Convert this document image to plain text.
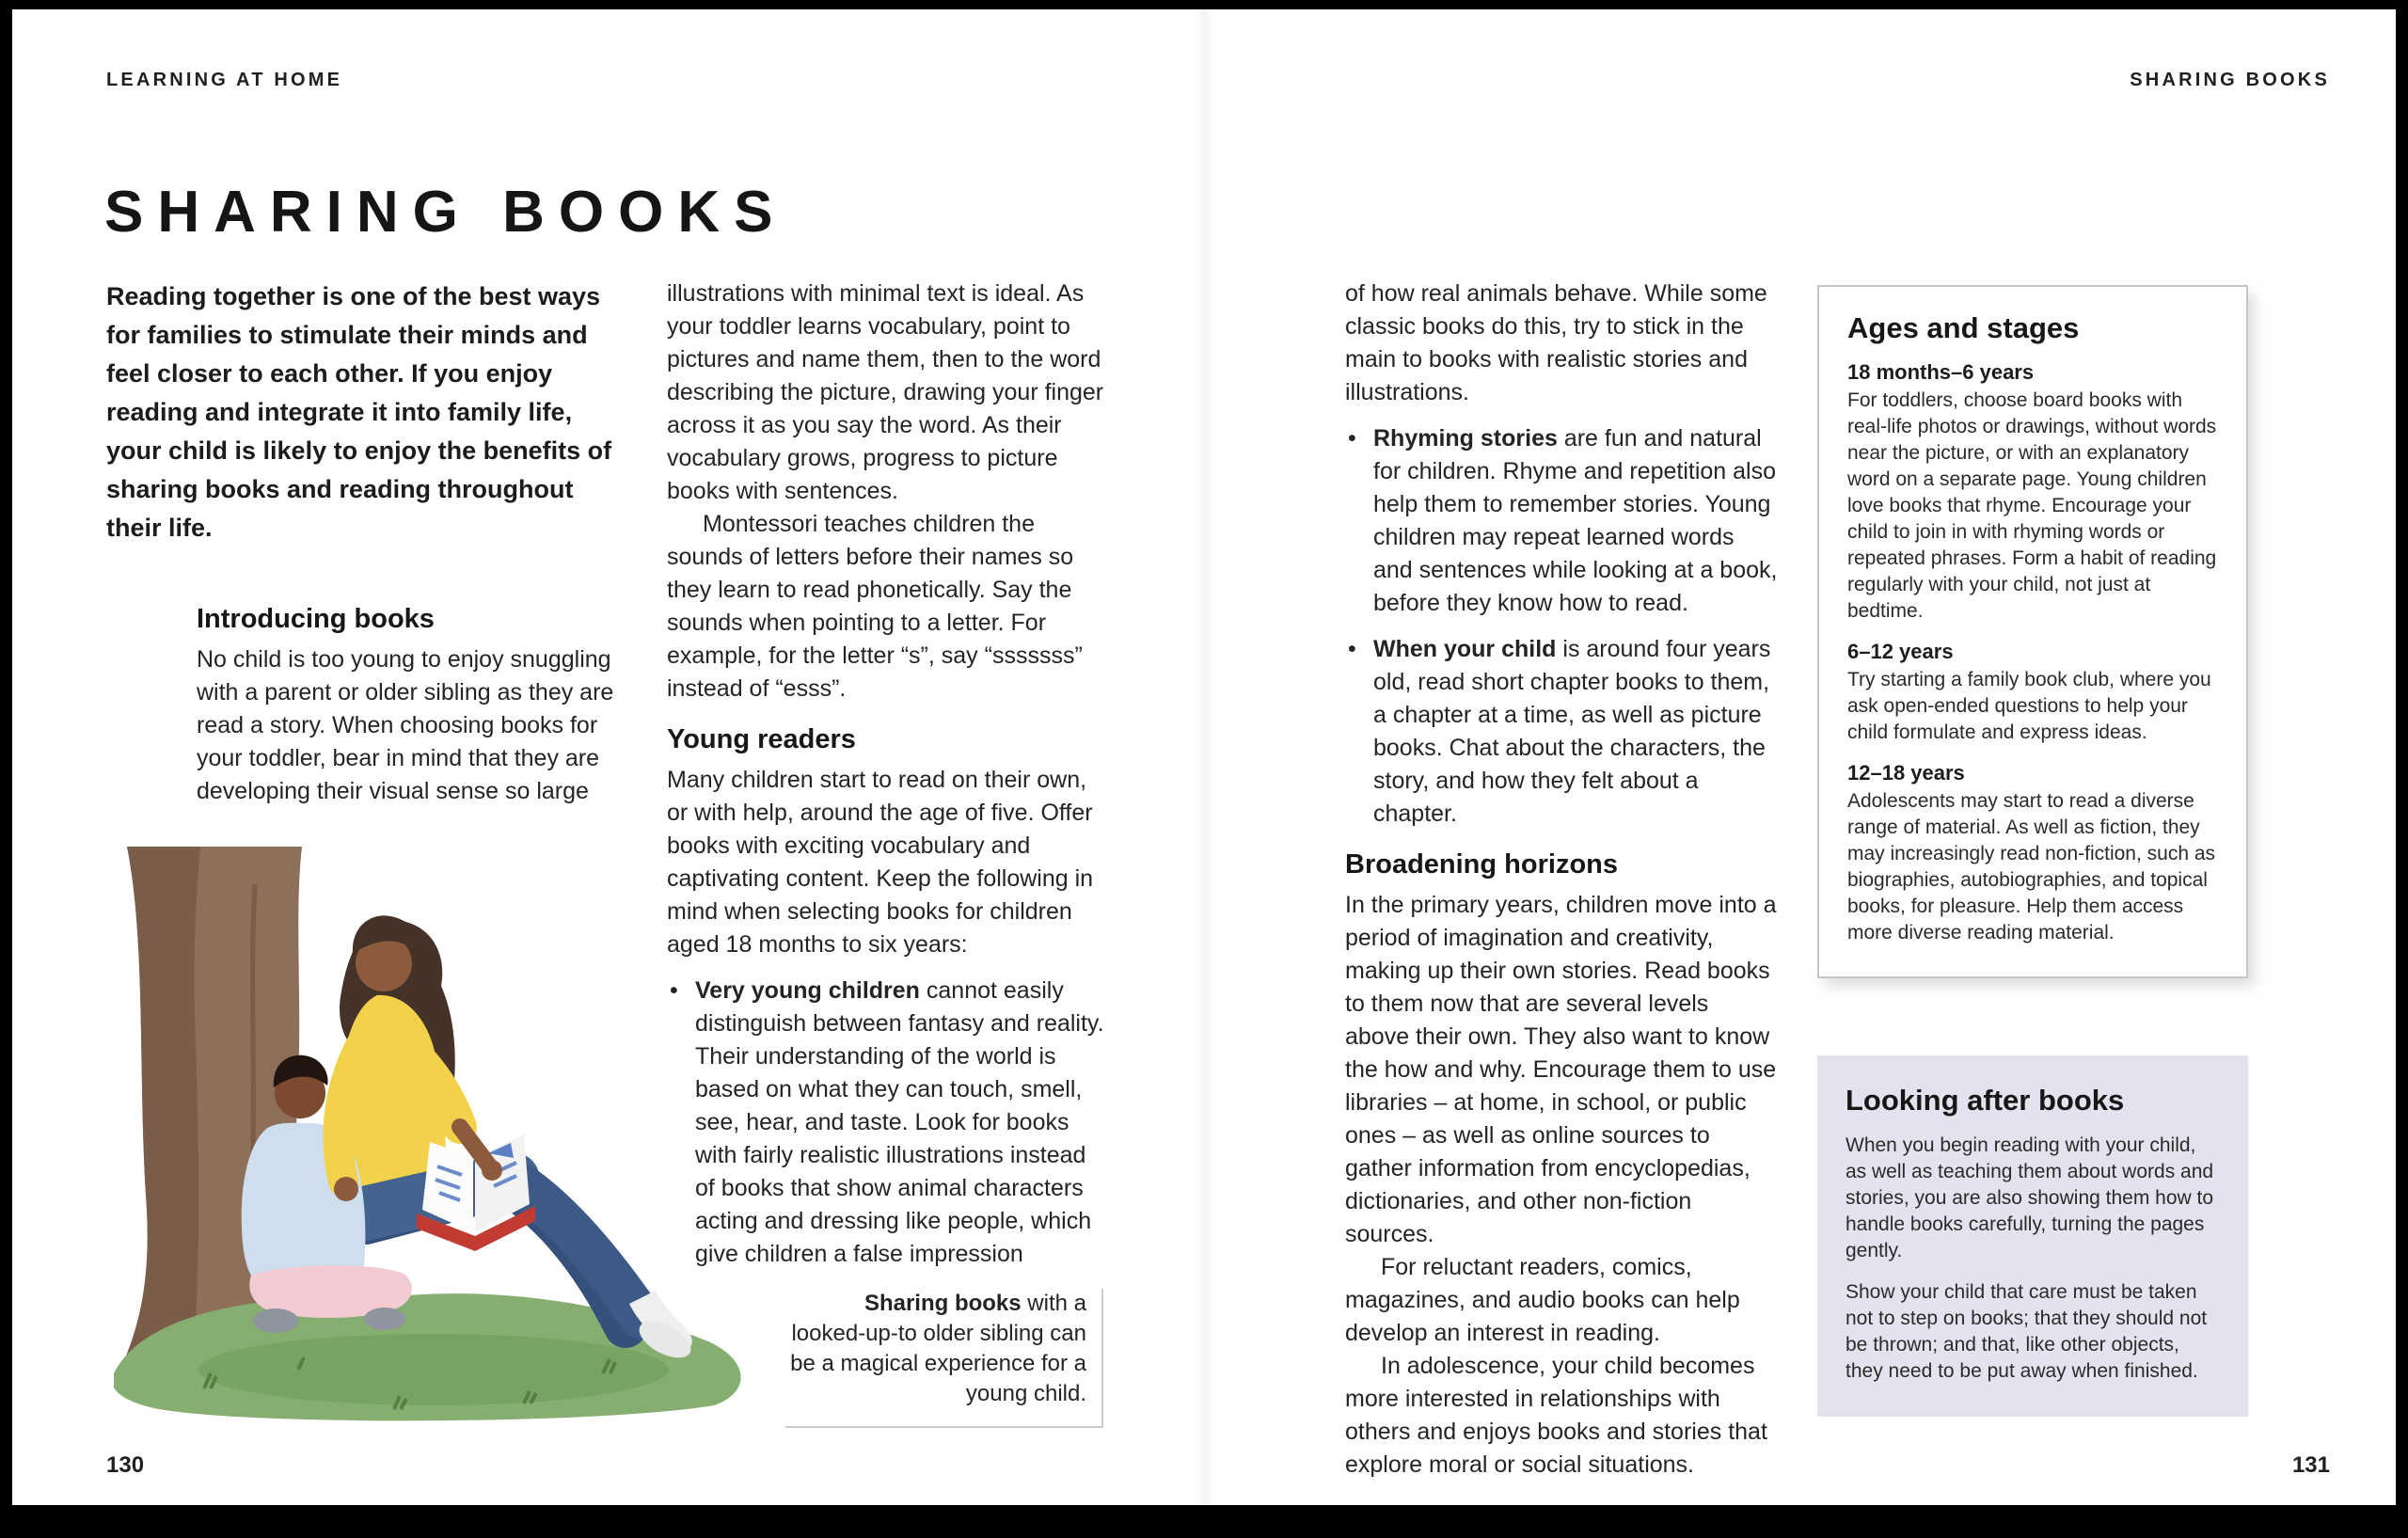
LEARNING AT HOME	SHARING BOOKS
SHARING BOOKS

Reading together is one of the best ways for families to stimulate their minds and feel closer to each other. If you enjoy reading and integrate it into family life, your child is likely to enjoy the benefits of sharing books and reading throughout their life.

Introducing books

No child is too young to enjoy snuggling with a parent or older sibling as they are read a story. When choosing books for your toddler, bear in mind that they are developing their visual sense so large

illustrations with minimal text is ideal. As your toddler learns vocabulary, point to pictures and name them, then to the word describing the picture, drawing your finger across it as you say the word. As their vocabulary grows, progress to picture books with sentences.

Montessori teaches children the sounds of letters before their names so they learn to read phonetically. Say the sounds when pointing to a letter. For example, for the letter “s”, say “sssssss” instead of “esss”.

Young readers

Many children start to read on their own, or with help, around the age of five. Offer books with exciting vocabulary and captivating content. Keep the following in mind when selecting books for children aged 18 months to six years:

• Very young children cannot easily distinguish between fantasy and reality. Their understanding of the world is based on what they can touch, smell, see, hear, and taste. Look for books with fairly realistic illustrations instead of books that show animal characters acting and dressing like people, which give children a false impression

Sharing books with a looked-up-to older sibling can be a magical experience for a young child.

of how real animals behave. While some classic books do this, try to stick in the main to books with realistic stories and illustrations.

• Rhyming stories are fun and natural for children. Rhyme and repetition also help them to remember stories. Young children may repeat learned words and sentences while looking at a book, before they know how to read.

• When your child is around four years old, read short chapter books to them, a chapter at a time, as well as picture books. Chat about the characters, the story, and how they felt about a chapter.

Broadening horizons

In the primary years, children move into a period of imagination and creativity, making up their own stories. Read books to them now that are several levels above their own. They also want to know the how and why. Encourage them to use libraries – at home, in school, or public ones – as well as online sources to gather information from encyclopedias, dictionaries, and other non-fiction sources.

For reluctant readers, comics, magazines, and audio books can help develop an interest in reading.

In adolescence, your child becomes more interested in relationships with others and enjoys books and stories that explore moral or social situations.

Ages and stages
18 months–6 years

For toddlers, choose board books with real-life photos or drawings, without words near the picture, or with an explanatory word on a separate page. Young children love books that rhyme. Encourage your child to join in with rhyming words or repeated phrases. Form a habit of reading regularly with your child, not just at bedtime.

6–12 years

Try starting a family book club, where you ask open-ended questions to help your child formulate and express ideas.

12–18 years

Adolescents may start to read a diverse range of material. As well as fiction, they may increasingly read non-fiction, such as biographies, autobiographies, and topical books, for pleasure. Help them access more diverse reading material.

Looking after books

When you begin reading with your child, as well as teaching them about words and stories, you are also showing them how to handle books carefully, turning the pages gently.

Show your child that care must be taken not to step on books; that they should not be thrown; and that, like other objects, they need to be put away when finished.

130	131
